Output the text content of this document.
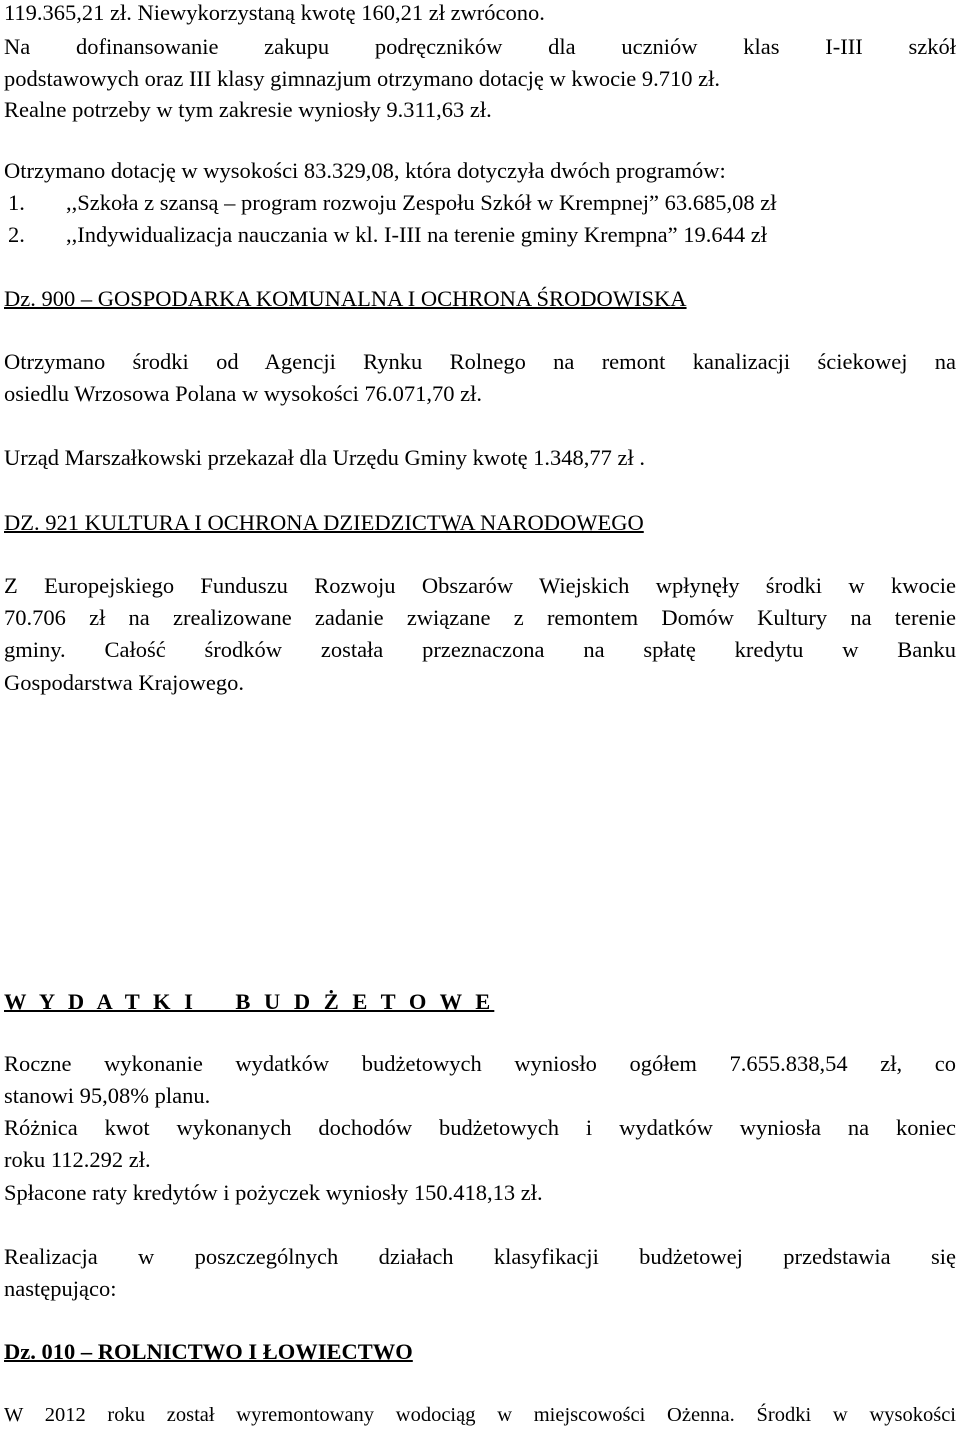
119.365,21 zł. Niewykorzystaną kwotę 160,21 zł zwrócono.
Na dofinansowanie zakupu podręczników dla uczniów klas I-III szkół
podstawowych oraz III klasy gimnazjum otrzymano dotację w kwocie 9.710 zł.
Realne potrzeby w tym zakresie wyniosły 9.311,63 zł.
Otrzymano dotację w wysokości 83.329,08, która dotyczyła dwóch programów:
1. ,,Szkoła z szansą – program rozwoju Zespołu Szkół w Krempnej” 63.685,08 zł
2. ,,Indywidualizacja nauczania w kl. I-III na terenie gminy Krempna” 19.644 zł
Dz. 900 – GOSPODARKA KOMUNALNA I OCHRONA ŚRODOWISKA
Otrzymano środki od Agencji Rynku Rolnego na remont kanalizacji ściekowej na
osiedlu Wrzosowa Polana w wysokości 76.071,70 zł.
Urząd Marszałkowski przekazał dla Urzędu Gminy kwotę 1.348,77 zł .
DZ. 921 KULTURA I OCHRONA DZIEDZICTWA NARODOWEGO
Z Europejskiego Funduszu Rozwoju Obszarów Wiejskich wpłynęły środki w kwocie
70.706 zł na zrealizowane zadanie związane z remontem Domów Kultury na terenie
gminy. Całość środków została przeznaczona na spłatę kredytu w Banku
Gospodarstwa Krajowego.
W Y D A T K I    B U D Ż E T O W E
Roczne wykonanie wydatków budżetowych wyniosło ogółem 7.655.838,54 zł, co
stanowi 95,08% planu.
Różnica kwot wykonanych dochodów budżetowych i wydatków wyniosła na koniec
roku 112.292 zł.
Spłacone raty kredytów i pożyczek wyniosły 150.418,13 zł.
Realizacja w poszczególnych działach klasyfikacji budżetowej przedstawia się
następująco:
Dz. 010 – ROLNICTWO I ŁOWIECTWO
W 2012 roku został wyremontowany wodociąg w miejscowości Ożenna. Środki w wysokości
